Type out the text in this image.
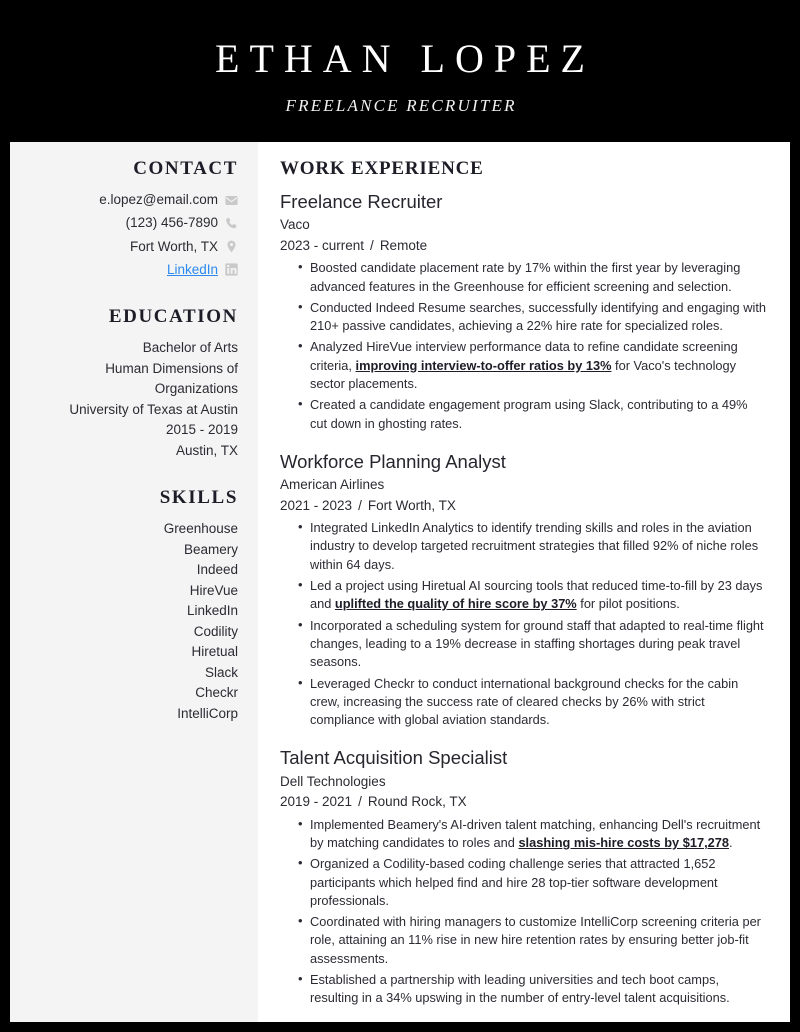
ETHAN LOPEZ
FREELANCE RECRUITER
CONTACT
e.lopez@email.com
(123) 456-7890
Fort Worth, TX
LinkedIn
EDUCATION
Bachelor of Arts
Human Dimensions of
Organizations
University of Texas at Austin
2015 - 2019
Austin, TX
SKILLS
Greenhouse
Beamery
Indeed
HireVue
LinkedIn
Codility
Hiretual
Slack
Checkr
IntelliCorp
WORK EXPERIENCE
Freelance Recruiter
Vaco
2023 - current / Remote
• Boosted candidate placement rate by 17% within the first year by leveraging advanced features in the Greenhouse for efficient screening and selection.
• Conducted Indeed Resume searches, successfully identifying and engaging with 210+ passive candidates, achieving a 22% hire rate for specialized roles.
• Analyzed HireVue interview performance data to refine candidate screening criteria, improving interview-to-offer ratios by 13% for Vaco's technology sector placements.
• Created a candidate engagement program using Slack, contributing to a 49% cut down in ghosting rates.
Workforce Planning Analyst
American Airlines
2021 - 2023 / Fort Worth, TX
• Integrated LinkedIn Analytics to identify trending skills and roles in the aviation industry to develop targeted recruitment strategies that filled 92% of niche roles within 64 days.
• Led a project using Hiretual AI sourcing tools that reduced time-to-fill by 23 days and uplifted the quality of hire score by 37% for pilot positions.
• Incorporated a scheduling system for ground staff that adapted to real-time flight changes, leading to a 19% decrease in staffing shortages during peak travel seasons.
• Leveraged Checkr to conduct international background checks for the cabin crew, increasing the success rate of cleared checks by 26% with strict compliance with global aviation standards.
Talent Acquisition Specialist
Dell Technologies
2019 - 2021 / Round Rock, TX
• Implemented Beamery's AI-driven talent matching, enhancing Dell's recruitment by matching candidates to roles and slashing mis-hire costs by $17,278.
• Organized a Codility-based coding challenge series that attracted 1,652 participants which helped find and hire 28 top-tier software development professionals.
• Coordinated with hiring managers to customize IntelliCorp screening criteria per role, attaining an 11% rise in new hire retention rates by ensuring better job-fit assessments.
• Established a partnership with leading universities and tech boot camps, resulting in a 34% upswing in the number of entry-level talent acquisitions.
